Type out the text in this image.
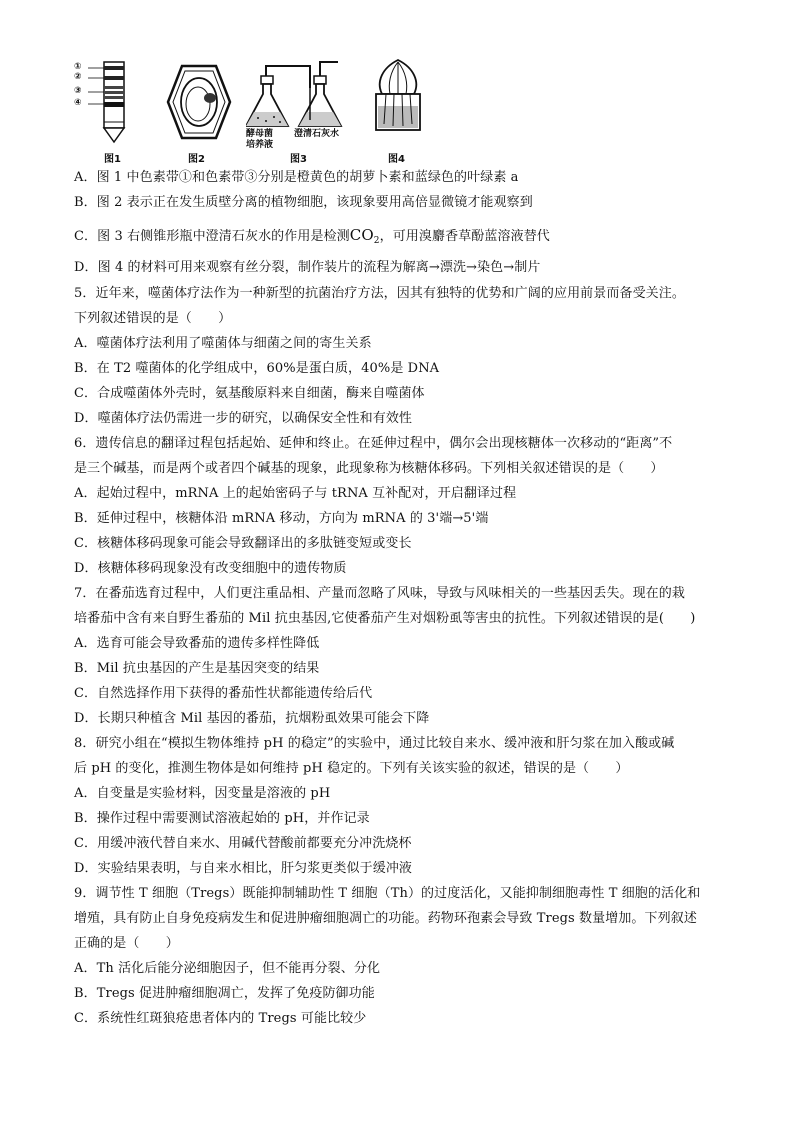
①
②
③
④
图1	图2
酵母菌
培养液
澄清石灰水
图3	图4
A．图 1 中色素带①和色素带③分别是橙黄色的胡萝卜素和蓝绿色的叶绿素 a
B．图 2 表示正在发生质壁分离的植物细胞，该现象要用高倍显微镜才能观察到
C．图 3 右侧锥形瓶中澄清石灰水的作用是检测$CO_2$，可用溴麝香草酚蓝溶液替代
D．图 4 的材料可用来观察有丝分裂，制作装片的流程为解离→漂洗→染色→制片
5．近年来，噬菌体疗法作为一种新型的抗菌治疗方法，因其有独特的优势和广阔的应用前景而备受关注。
下列叙述错误的是（　　）
A．噬菌体疗法利用了噬菌体与细菌之间的寄生关系
B．在 T2 噬菌体的化学组成中，60%是蛋白质，40%是 DNA
C．合成噬菌体外壳时，氨基酸原料来自细菌，酶来自噬菌体
D．噬菌体疗法仍需进一步的研究，以确保安全性和有效性
6．遗传信息的翻译过程包括起始、延伸和终止。在延伸过程中，偶尔会出现核糖体一次移动的“距离”不
是三个碱基，而是两个或者四个碱基的现象，此现象称为核糖体移码。下列相关叙述错误的是（　　）
A．起始过程中，mRNA 上的起始密码子与 tRNA 互补配对，开启翻译过程
B．延伸过程中，核糖体沿 mRNA 移动，方向为 mRNA 的 3'端→5'端
C．核糖体移码现象可能会导致翻译出的多肽链变短或变长
D．核糖体移码现象没有改变细胞中的遗传物质
7．在番茄选育过程中，人们更注重品相、产量而忽略了风味，导致与风味相关的一些基因丢失。现在的栽
培番茄中含有来自野生番茄的 Mil 抗虫基因,它使番茄产生对烟粉虱等害虫的抗性。下列叙述错误的是(　　)
A．选育可能会导致番茄的遗传多样性降低
B．Mil 抗虫基因的产生是基因突变的结果
C．自然选择作用下获得的番茄性状都能遗传给后代
D．长期只种植含 Mil 基因的番茄，抗烟粉虱效果可能会下降
8．研究小组在“模拟生物体维持 pH 的稳定”的实验中，通过比较自来水、缓冲液和肝匀浆在加入酸或碱
后 pH 的变化，推测生物体是如何维持 pH 稳定的。下列有关该实验的叙述，错误的是（　　）
A．自变量是实验材料，因变量是溶液的 pH
B．操作过程中需要测试溶液起始的 pH，并作记录
C．用缓冲液代替自来水、用碱代替酸前都要充分冲洗烧杯
D．实验结果表明，与自来水相比，肝匀浆更类似于缓冲液
9．调节性 T 细胞（Tregs）既能抑制辅助性 T 细胞（Th）的过度活化，又能抑制细胞毒性 T 细胞的活化和
增殖，具有防止自身免疫病发生和促进肿瘤细胞凋亡的功能。药物环孢素会导致 Tregs 数量增加。下列叙述
正确的是（　　）
A．Th 活化后能分泌细胞因子，但不能再分裂、分化
B．Tregs 促进肿瘤细胞凋亡，发挥了免疫防御功能
C．系统性红斑狼疮患者体内的 Tregs 可能比较少
